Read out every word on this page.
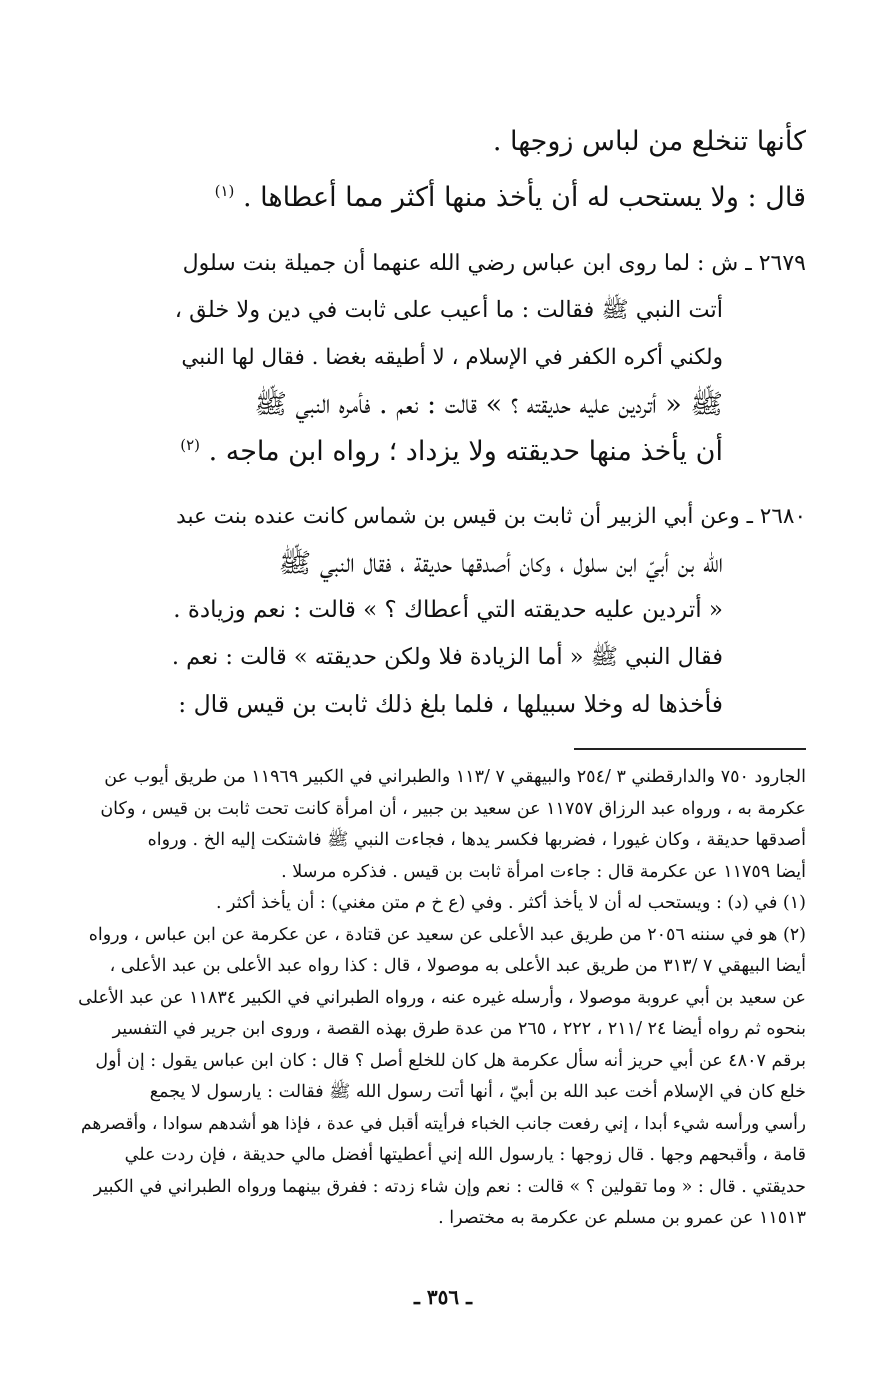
كأنها تنخلع من لباس زوجها .
قال : ولا يستحب له أن يأخذ منها أكثر مما أعطاها . $^{(١)}$
٢٦٧٩ ـ ش : لما روى ابن عباس رضي الله عنهما أن جميلة بنت سلول
أتت النبي ﷺ فقالت : ما أعيب على ثابت في دين ولا خلق ،
ولكني أكره الكفر في الإسلام ، لا أطيقه بغضا . فقال لها النبي
ﷺ « أتردين عليه حديقته ؟ » قالت : نعم . فأمره النبي ﷺ
أن يأخذ منها حديقته ولا يزداد ؛ رواه ابن ماجه . $^{(٢)}$
٢٦٨٠ ـ وعن أبي الزبير أن ثابت بن قيس بن شماس كانت عنده بنت عبد
الله بن أبيّ ابن سلول ، وكان أصدقها حديقة ، فقال النبي ﷺ
« أتردين عليه حديقته التي أعطاك ؟ » قالت : نعم وزيادة .
فقال النبي ﷺ « أما الزيادة فلا ولكن حديقته » قالت : نعم .
فأخذها له وخلا سبيلها ، فلما بلغ ذلك ثابت بن قيس قال :
الجارود ٧٥٠ والدارقطني ٣ /٢٥٤ والبيهقي ٧ /١١٣ والطبراني في الكبير ١١٩٦٩ من طريق أيوب عن
عكرمة به ، ورواه عبد الرزاق ١١٧٥٧ عن سعيد بن جبير ، أن امرأة كانت تحت ثابت بن قيس ، وكان
أصدقها حديقة ، وكان غيورا ، فضربها فكسر يدها ، فجاءت النبي ﷺ فاشتكت إليه الخ . ورواه
أيضا ١١٧٥٩ عن عكرمة قال : جاءت امرأة ثابت بن قيس . فذكره مرسلا .
(١) في (د) : ويستحب له أن لا يأخذ أكثر . وفي (ع خ م متن مغني) : أن يأخذ أكثر .
(٢) هو في سننه ٢٠٥٦ من طريق عبد الأعلى عن سعيد عن قتادة ، عن عكرمة عن ابن عباس ، ورواه
أيضا البيهقي ٧ /٣١٣ من طريق عبد الأعلى به موصولا ، قال : كذا رواه عبد الأعلى بن عبد الأعلى ،
عن سعيد بن أبي عروبة موصولا ، وأرسله غيره عنه ، ورواه الطبراني في الكبير ١١٨٣٤ عن عبد الأعلى
بنحوه ثم رواه أيضا ٢٤ /٢١١ ، ٢٢٢ ، ٢٦٥ من عدة طرق بهذه القصة ، وروى ابن جرير في التفسير
برقم ٤٨٠٧ عن أبي حريز أنه سأل عكرمة هل كان للخلع أصل ؟ قال : كان ابن عباس يقول : إن أول
خلع كان في الإسلام أخت عبد الله بن أبيّ ، أنها أتت رسول الله ﷺ فقالت : يارسول لا يجمع
رأسي ورأسه شيء أبدا ، إني رفعت جانب الخباء فرأيته أقبل في عدة ، فإذا هو أشدهم سوادا ، وأقصرهم
قامة ، وأقبحهم وجها . قال زوجها : يارسول الله إني أعطيتها أفضل مالي حديقة ، فإن ردت علي
حديقتي . قال : « وما تقولين ؟ » قالت : نعم وإن شاء زدته : ففرق بينهما ورواه الطبراني في الكبير
١١٥١٣ عن عمرو بن مسلم عن عكرمة به مختصرا .
ـ ٣٥٦ ـ
